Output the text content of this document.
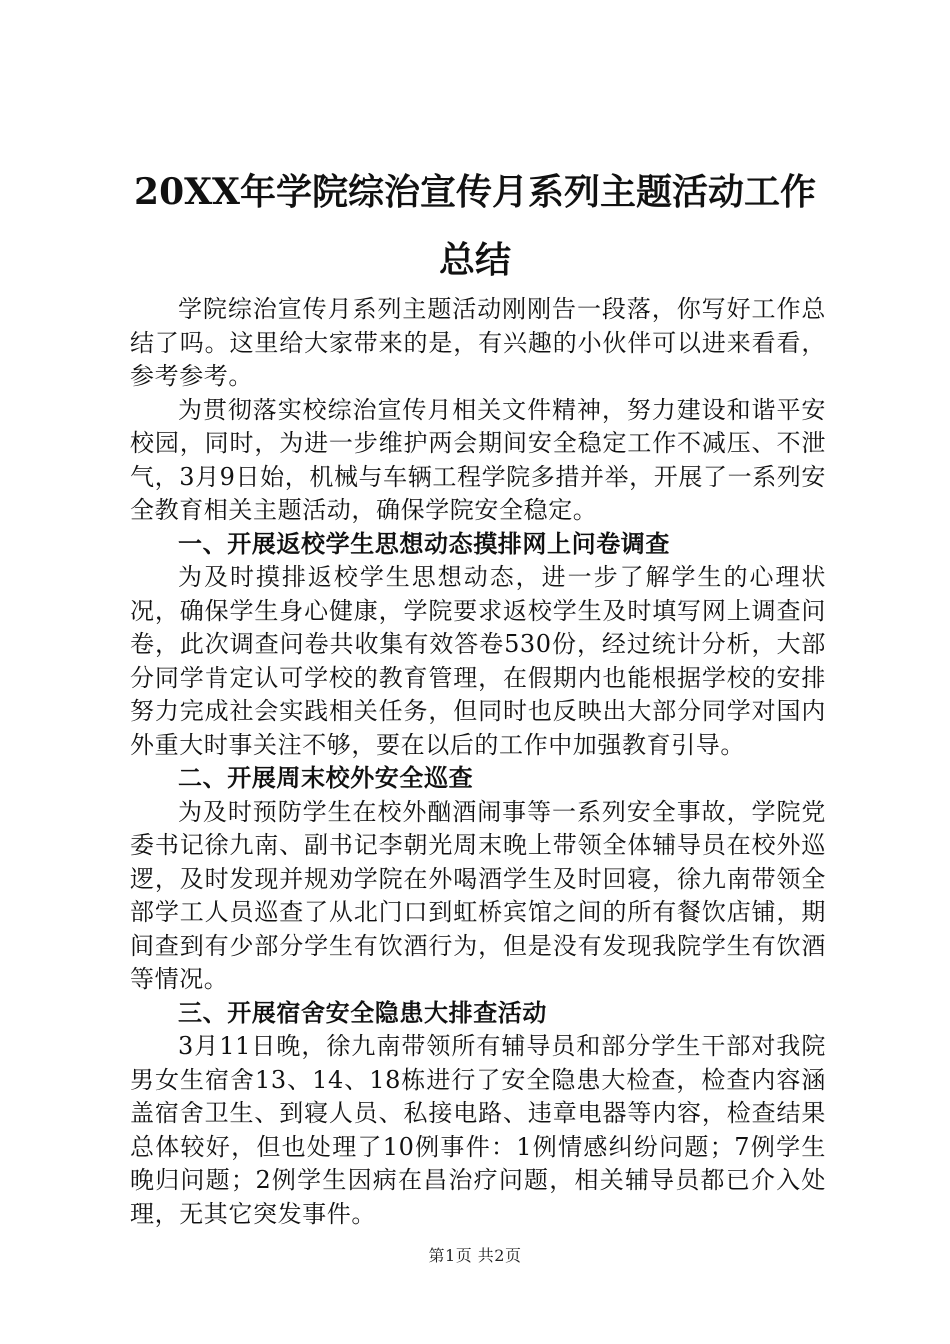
20XX年学院综治宣传月系列主题活动工作总结

学院综治宣传月系列主题活动刚刚告一段落，你写好工作总结了吗。这里给大家带来的是，有兴趣的小伙伴可以进来看看，参考参考。

为贯彻落实校综治宣传月相关文件精神，努力建设和谐平安校园，同时，为进一步维护两会期间安全稳定工作不减压、不泄气，3月9日始，机械与车辆工程学院多措并举，开展了一系列安全教育相关主题活动，确保学院安全稳定。

一、开展返校学生思想动态摸排网上问卷调查

为及时摸排返校学生思想动态，进一步了解学生的心理状况，确保学生身心健康，学院要求返校学生及时填写网上调查问卷，此次调查问卷共收集有效答卷530份，经过统计分析，大部分同学肯定认可学校的教育管理，在假期内也能根据学校的安排努力完成社会实践相关任务，但同时也反映出大部分同学对国内外重大时事关注不够，要在以后的工作中加强教育引导。

二、开展周末校外安全巡查

为及时预防学生在校外酗酒闹事等一系列安全事故，学院党委书记徐九南、副书记李朝光周末晚上带领全体辅导员在校外巡逻，及时发现并规劝学院在外喝酒学生及时回寝，徐九南带领全部学工人员巡查了从北门口到虹桥宾馆之间的所有餐饮店铺，期间查到有少部分学生有饮酒行为，但是没有发现我院学生有饮酒等情况。

三、开展宿舍安全隐患大排查活动

3月11日晚，徐九南带领所有辅导员和部分学生干部对我院男女生宿舍13、14、18栋进行了安全隐患大检查，检查内容涵盖宿舍卫生、到寝人员、私接电路、违章电器等内容，检查结果总体较好，但也处理了10例事件：1例情感纠纷问题；7例学生晚归问题；2例学生因病在昌治疗问题，相关辅导员都已介入处理，无其它突发事件。

第1页 共2页
